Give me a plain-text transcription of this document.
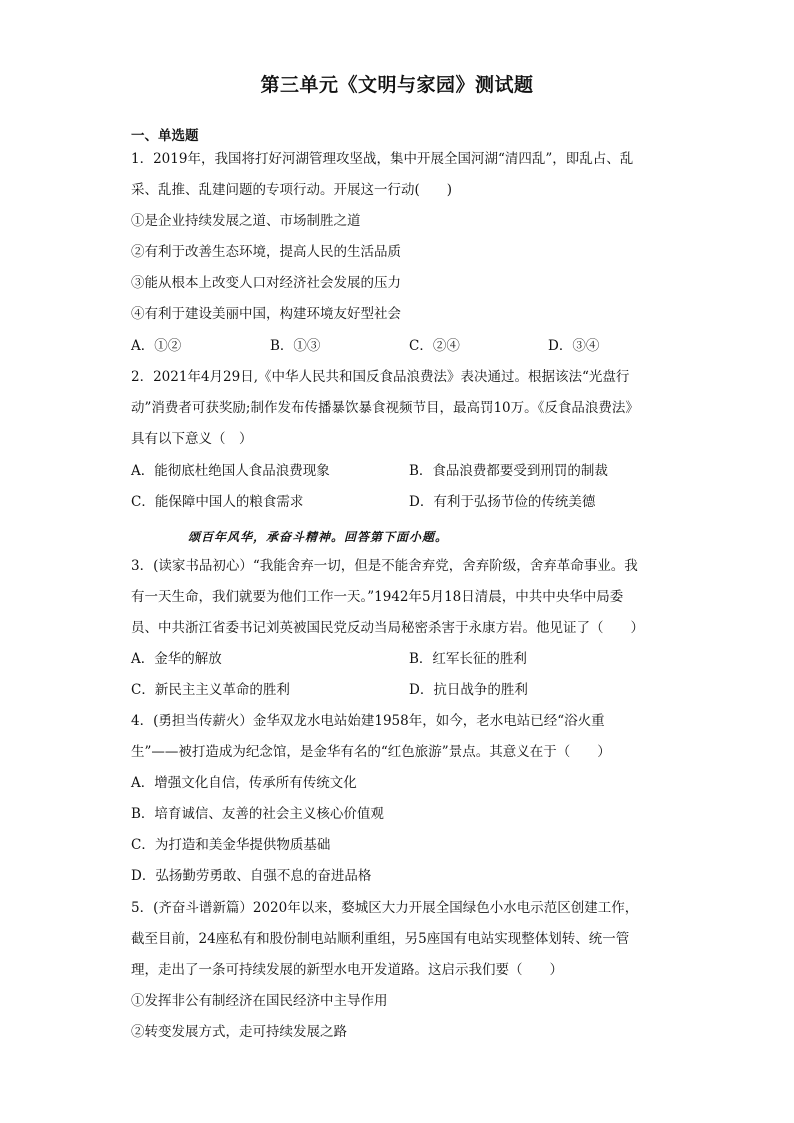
第三单元《文明与家园》测试题
一、单选题
1．2019年，我国将打好河湖管理攻坚战，集中开展全国河湖“清四乱”，即乱占、乱
采、乱推、乱建问题的专项行动。开展这一行动(　　)
①是企业持续发展之道、市场制胜之道
②有利于改善生态环境，提高人民的生活品质
③能从根本上改变人口对经济社会发展的压力
④有利于建设美丽中国，构建环境友好型社会
A．①②	B．①③	C．②④	D．③④
2．2021年4月29日,《中华人民共和国反食品浪费法》表决通过。根据该法“光盘行
动”消费者可获奖励;制作发布传播暴饮暴食视频节目，最高罚10万。《反食品浪费法》
具有以下意义（　）
A．能彻底杜绝国人食品浪费现象	B．食品浪费都要受到刑罚的制裁
C．能保障中国人的粮食需求	D．有利于弘扬节俭的传统美德
颂百年风华，承奋斗精神。回答第下面小题。
3．(读家书品初心）“我能舍弃一切，但是不能舍弃党，舍弃阶级，舍弃革命事业。我
有一天生命，我们就要为他们工作一天。”1942年5月18日清晨，中共中央华中局委
员、中共浙江省委书记刘英被国民党反动当局秘密杀害于永康方岩。他见证了（　　）
A．金华的解放	B．红军长征的胜利
C．新民主主义革命的胜利	D．抗日战争的胜利
4．(勇担当传薪火）金华双龙水电站始建1958年，如今，老水电站已经“浴火重
生”——被打造成为纪念馆，是金华有名的“红色旅游”景点。其意义在于（　　）
A．增强文化自信，传承所有传统文化
B．培育诚信、友善的社会主义核心价值观
C．为打造和美金华提供物质基础
D．弘扬勤劳勇敢、自强不息的奋进品格
5．(齐奋斗谱新篇）2020年以来，婺城区大力开展全国绿色小水电示范区创建工作，
截至目前，24座私有和股份制电站顺利重组，另5座国有电站实现整体划转、统一管
理，走出了一条可持续发展的新型水电开发道路。这启示我们要（　　）
①发挥非公有制经济在国民经济中主导作用
②转变发展方式，走可持续发展之路
